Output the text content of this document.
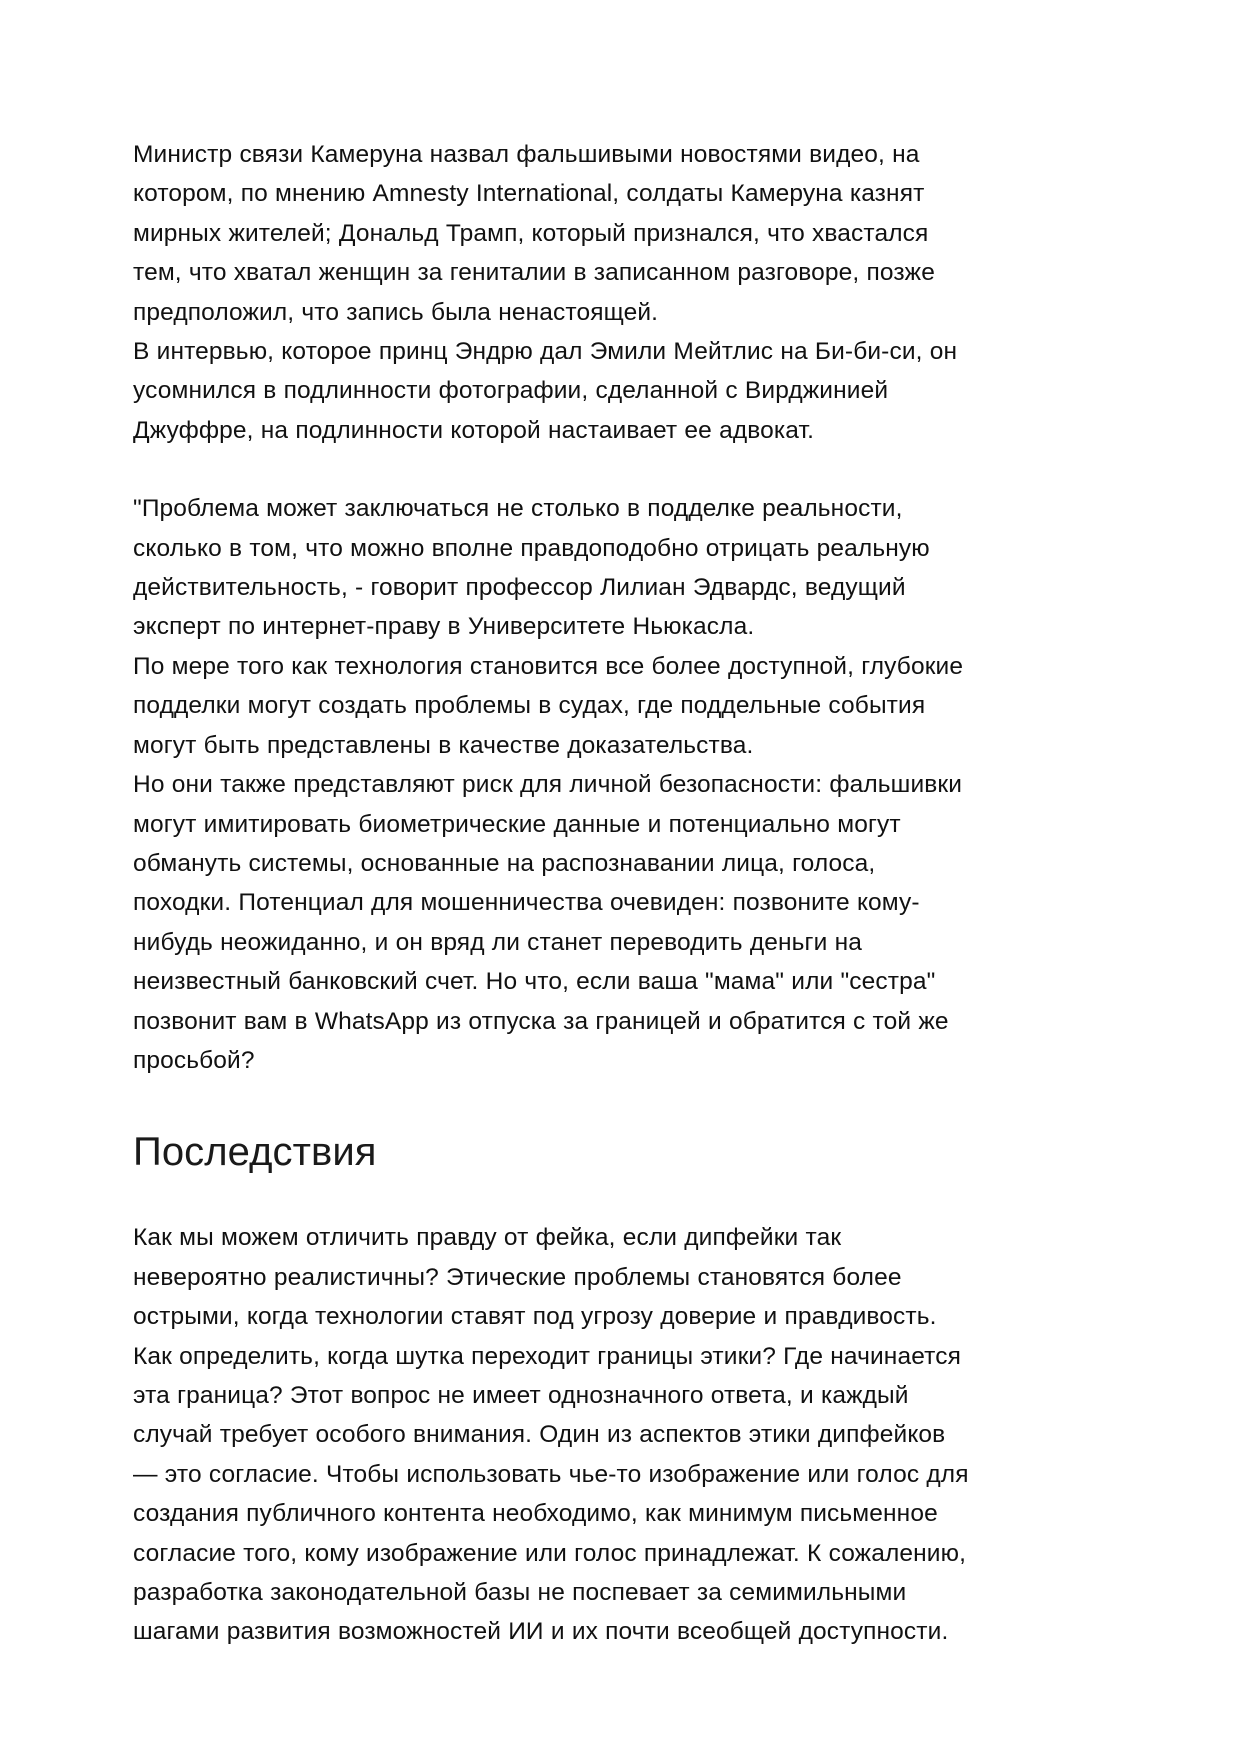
Министр связи Камеруна назвал фальшивыми новостями видео, на котором, по мнению Amnesty International, солдаты Камеруна казнят мирных жителей; Дональд Трамп, который признался, что хвастался тем, что хватал женщин за гениталии в записанном разговоре, позже предположил, что запись была ненастоящей.

В интервью, которое принц Эндрю дал Эмили Мейтлис на Би-би-си, он усомнился в подлинности фотографии, сделанной с Вирджинией Джуффре, на подлинности которой настаивает ее адвокат.

"Проблема может заключаться не столько в подделке реальности, сколько в том, что можно вполне правдоподобно отрицать реальную действительность, - говорит профессор Лилиан Эдвардс, ведущий эксперт по интернет-праву в Университете Ньюкасла.

По мере того как технология становится все более доступной, глубокие подделки могут создать проблемы в судах, где поддельные события могут быть представлены в качестве доказательства.

Но они также представляют риск для личной безопасности: фальшивки могут имитировать биометрические данные и потенциально могут обмануть системы, основанные на распознавании лица, голоса, походки. Потенциал для мошенничества очевиден: позвоните кому-нибудь неожиданно, и он вряд ли станет переводить деньги на неизвестный банковский счет. Но что, если ваша "мама" или "сестра" позвонит вам в WhatsApp из отпуска за границей и обратится с той же просьбой?

Последствия

Как мы можем отличить правду от фейка, если дипфейки так невероятно реалистичны? Этические проблемы становятся более острыми, когда технологии ставят под угрозу доверие и правдивость. Как определить, когда шутка переходит границы этики? Где начинается эта граница? Этот вопрос не имеет однозначного ответа, и каждый случай требует особого внимания. Один из аспектов этики дипфейков — это согласие. Чтобы использовать чье-то изображение или голос для создания публичного контента необходимо, как минимум письменное согласие того, кому изображение или голос принадлежат. К сожалению, разработка законодательной базы не поспевает за семимильными шагами развития возможностей ИИ и их почти всеобщей доступности.
